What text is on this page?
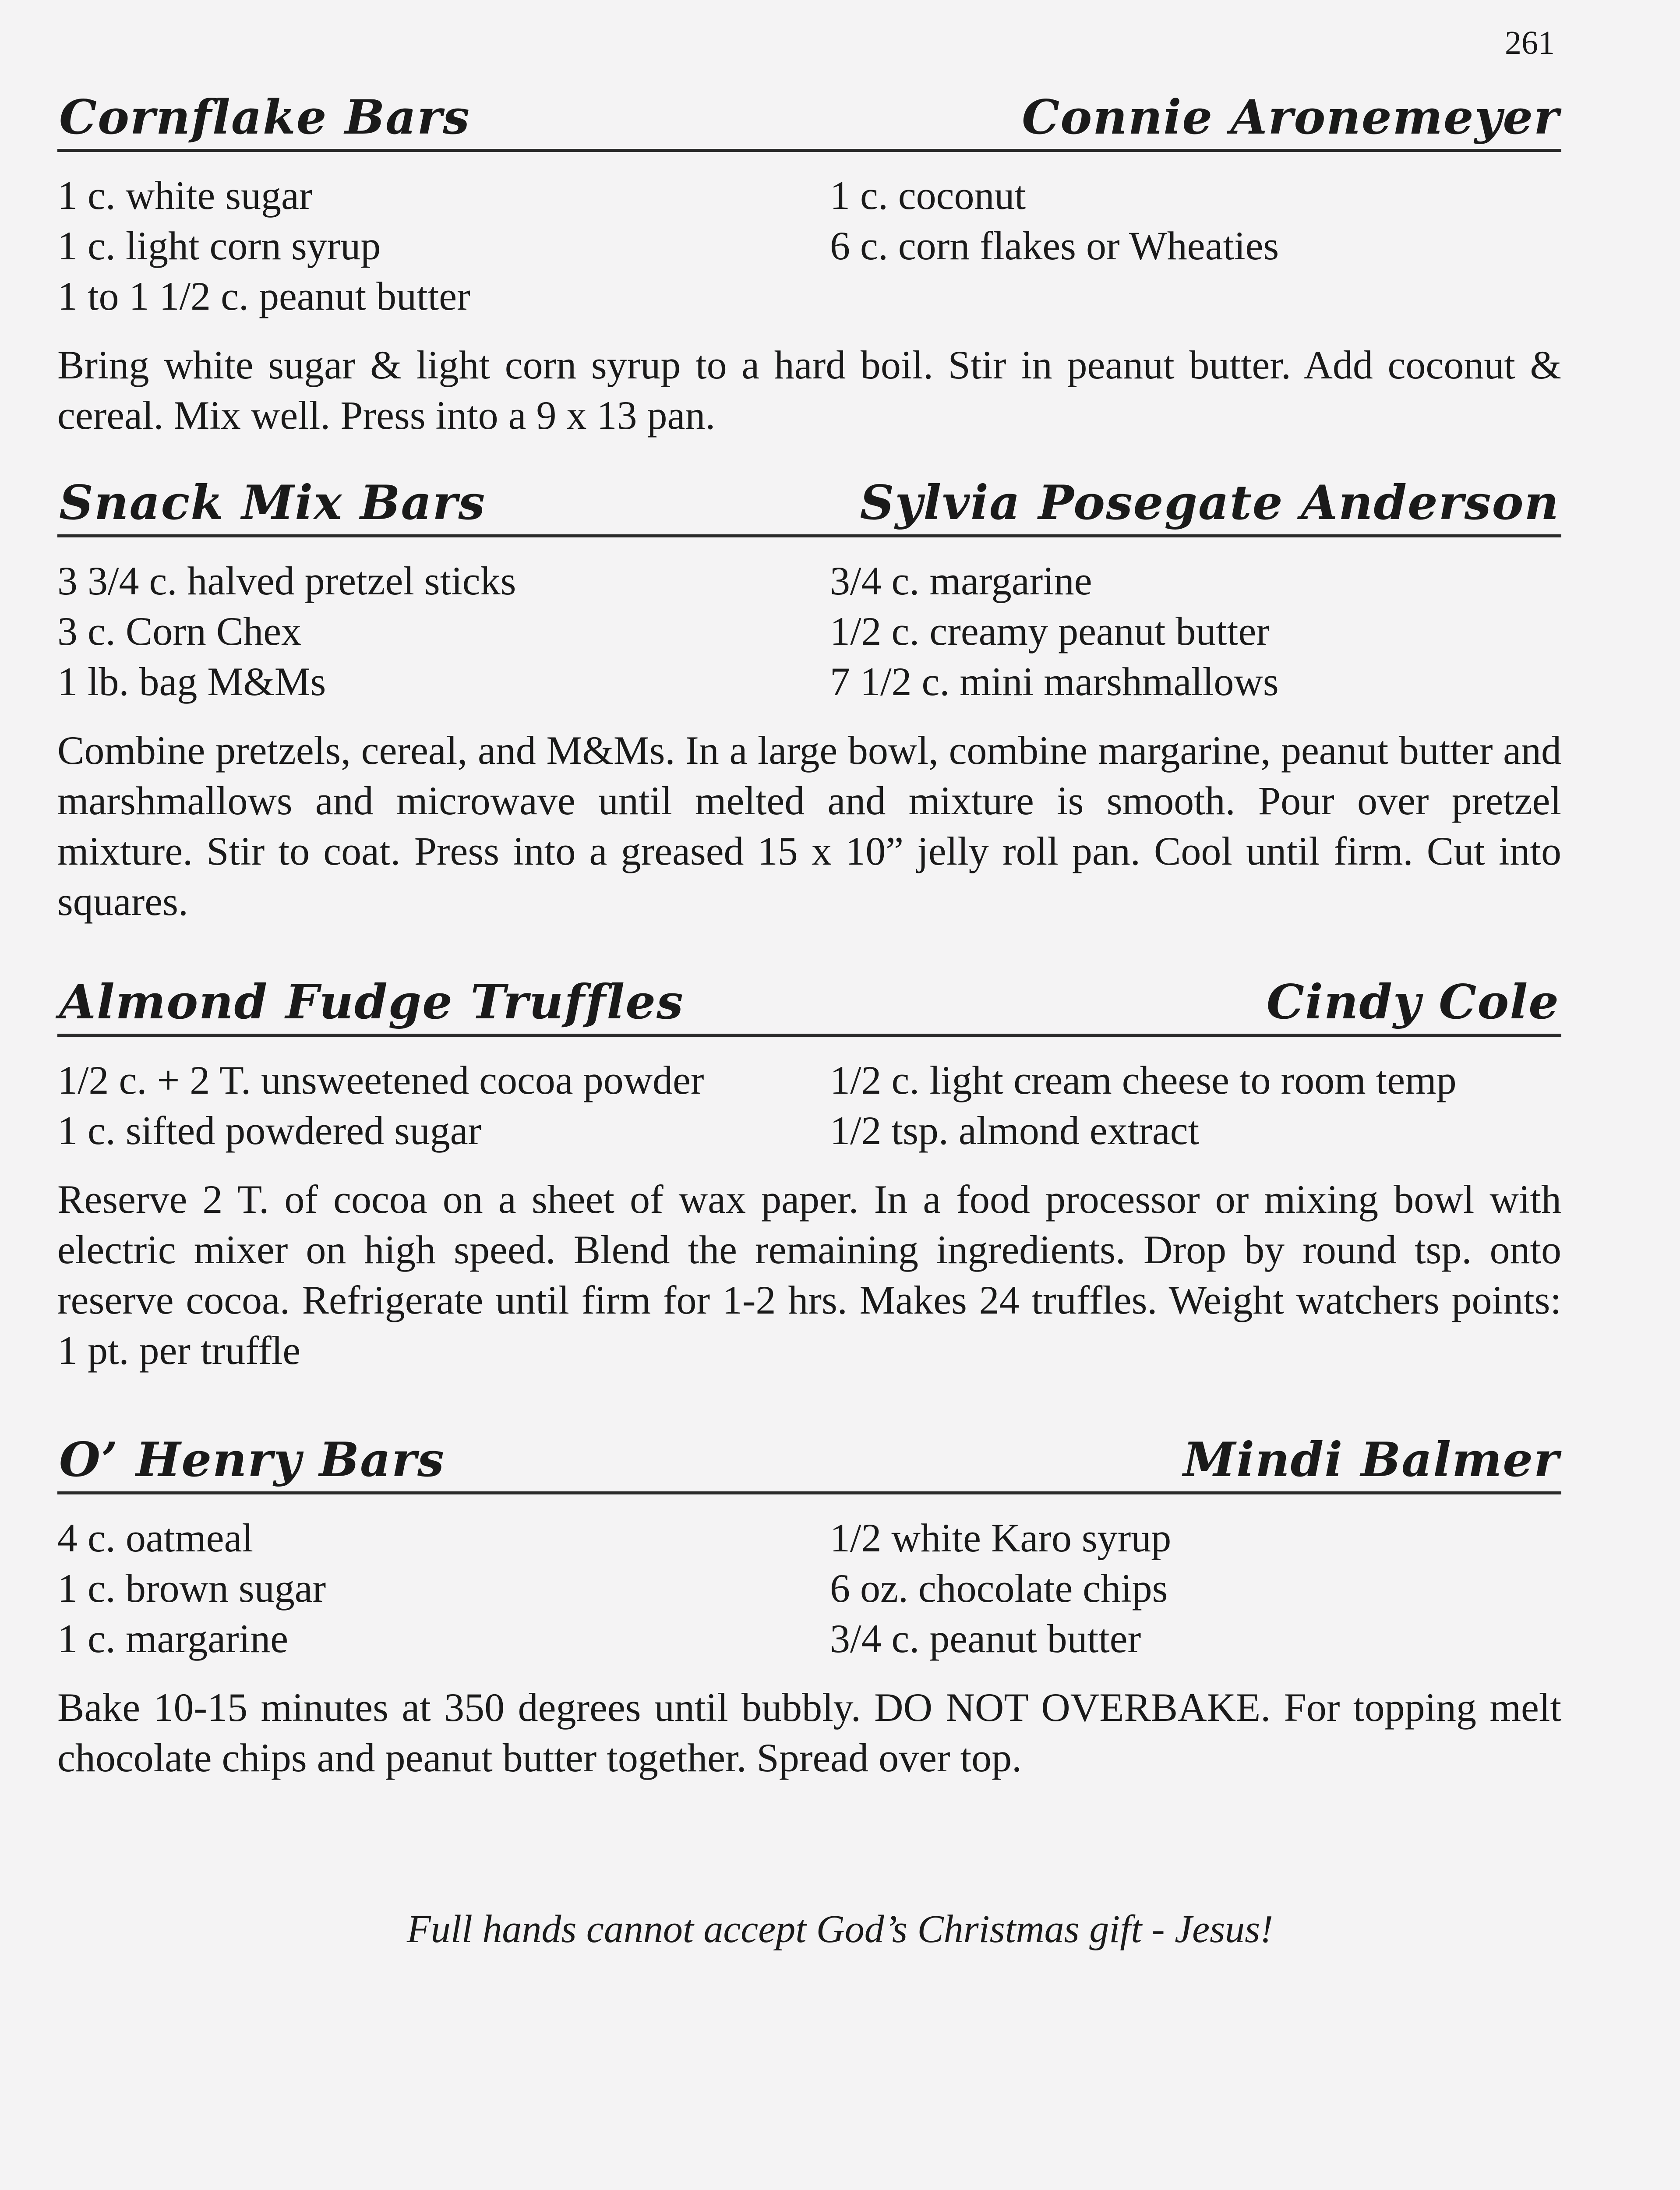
261
Cornflake Bars	Connie Aronemeyer
1 c. white sugar
1 c. light corn syrup
1 to 1 1/2 c. peanut butter
1 c. coconut
6 c. corn flakes or Wheaties
Bring white sugar & light corn syrup to a hard boil. Stir in peanut butter. Add coconut & cereal. Mix well. Press into a 9 x 13 pan.
Snack Mix Bars	Sylvia Posegate Anderson
3 3/4 c. halved pretzel sticks
3 c. Corn Chex
1 lb. bag M&Ms
3/4 c. margarine
1/2 c. creamy peanut butter
7 1/2 c. mini marshmallows
Combine pretzels, cereal, and M&Ms. In a large bowl, combine margarine, peanut butter and marshmallows and microwave until melted and mixture is smooth. Pour over pretzel mixture. Stir to coat. Press into a greased 15 x 10” jelly roll pan. Cool until firm. Cut into squares.
Almond Fudge Truffles	Cindy Cole
1/2 c. + 2 T. unsweetened cocoa powder
1 c. sifted powdered sugar
1/2 c. light cream cheese to room temp
1/2 tsp. almond extract
Reserve 2 T. of cocoa on a sheet of wax paper. In a food processor or mixing bowl with electric mixer on high speed. Blend the remaining ingredients. Drop by round tsp. onto reserve cocoa. Refrigerate until firm for 1-2 hrs. Makes 24 truffles. Weight watchers points: 1 pt. per truffle
O’ Henry Bars	Mindi Balmer
4 c. oatmeal
1 c. brown sugar
1 c. margarine
1/2 white Karo syrup
6 oz. chocolate chips
3/4 c. peanut butter
Bake 10-15 minutes at 350 degrees until bubbly. DO NOT OVERBAKE. For topping melt chocolate chips and peanut butter together. Spread over top.
Full hands cannot accept God’s Christmas gift - Jesus!
